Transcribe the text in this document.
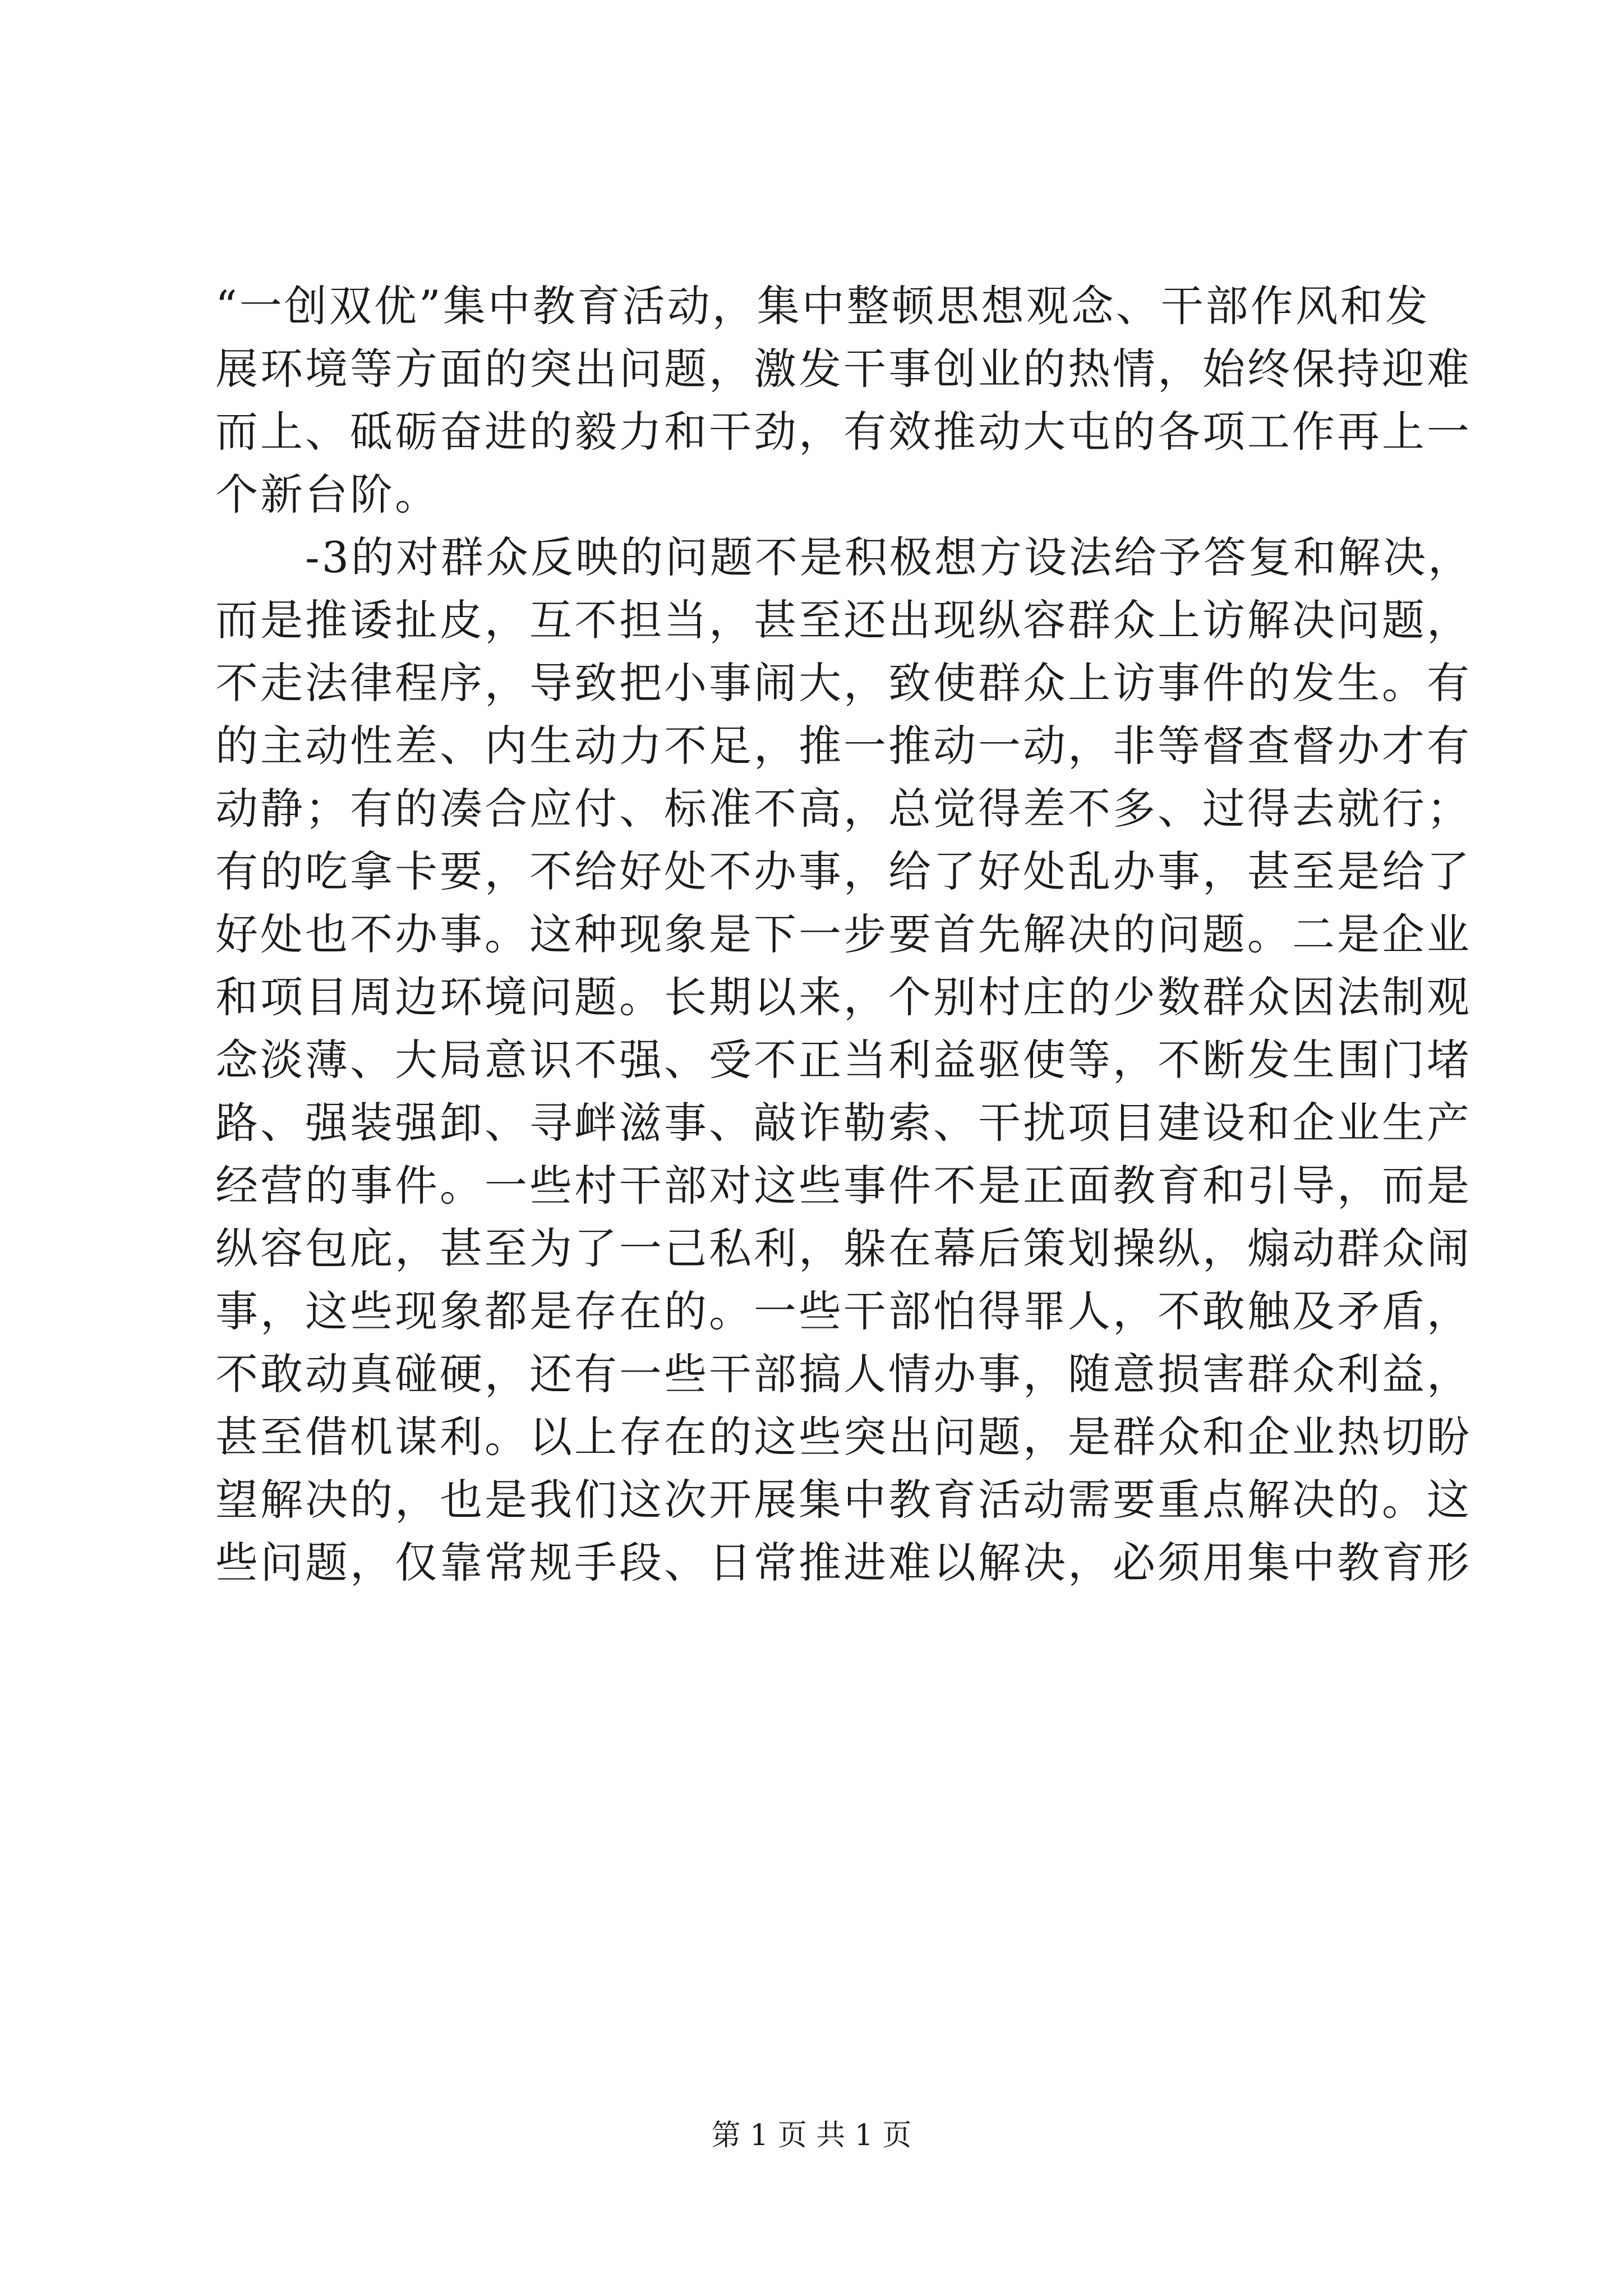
“一创双优”集中教育活动，集中整顿思想观念、干部作风和发
展环境等方面的突出问题，激发干事创业的热情，始终保持迎难
而上、砥砺奋进的毅力和干劲，有效推动大屯的各项工作再上一
个新台阶。
　　-3的对群众反映的问题不是积极想方设法给予答复和解决，
而是推诿扯皮，互不担当，甚至还出现纵容群众上访解决问题，
不走法律程序，导致把小事闹大，致使群众上访事件的发生。有
的主动性差、内生动力不足，推一推动一动，非等督查督办才有
动静；有的凑合应付、标准不高，总觉得差不多、过得去就行；
有的吃拿卡要，不给好处不办事，给了好处乱办事，甚至是给了
好处也不办事。这种现象是下一步要首先解决的问题。二是企业
和项目周边环境问题。长期以来，个别村庄的少数群众因法制观
念淡薄、大局意识不强、受不正当利益驱使等，不断发生围门堵
路、强装强卸、寻衅滋事、敲诈勒索、干扰项目建设和企业生产
经营的事件。一些村干部对这些事件不是正面教育和引导，而是
纵容包庇，甚至为了一己私利，躲在幕后策划操纵，煽动群众闹
事，这些现象都是存在的。一些干部怕得罪人，不敢触及矛盾，
不敢动真碰硬，还有一些干部搞人情办事，随意损害群众利益，
甚至借机谋利。以上存在的这些突出问题，是群众和企业热切盼
望解决的，也是我们这次开展集中教育活动需要重点解决的。这
些问题，仅靠常规手段、日常推进难以解决，必须用集中教育形
第 1 页 共 1 页
